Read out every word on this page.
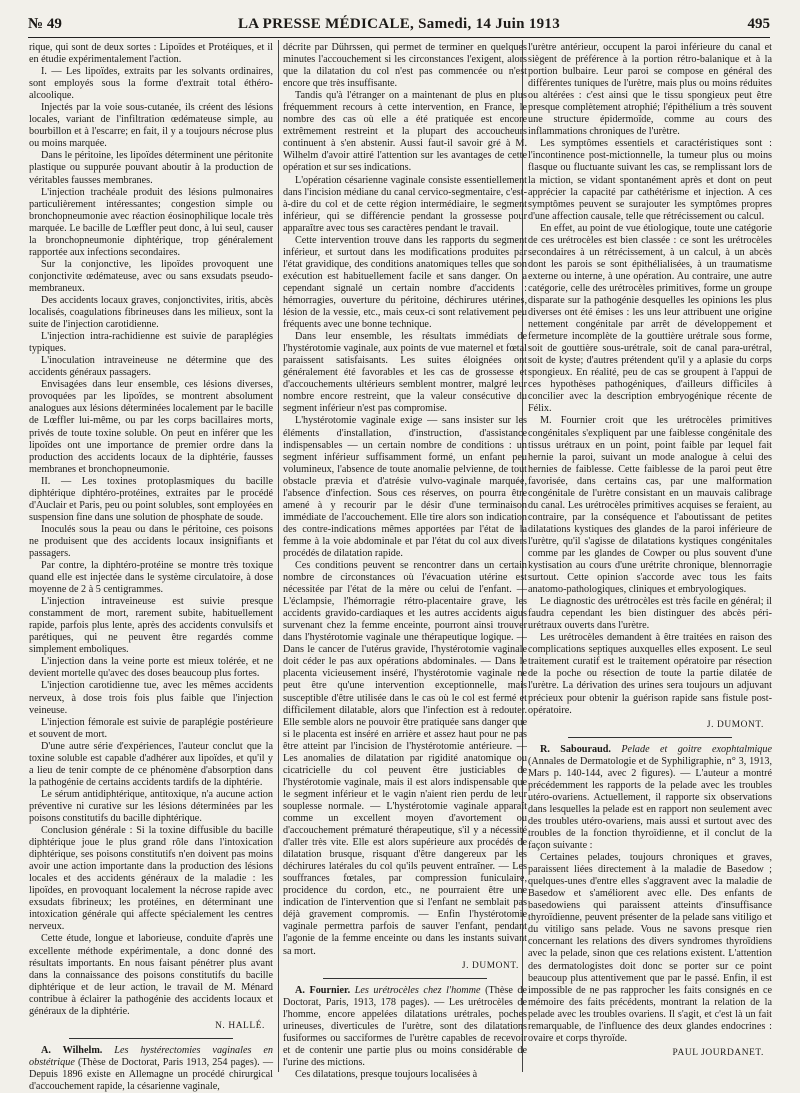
№ 49	LA PRESSE MÉDICALE, Samedi, 14 Juin 1913	495

rique, qui sont de deux sortes : Lipoïdes et Protéiques, et il en étudie expérimentalement l'action.

I. — Les lipoïdes, extraits par les solvants ordinaires, sont employés sous la forme d'extrait total éthéro-alcoolique.

Injectés par la voie sous-cutanée, ils créent des lésions locales, variant de l'infiltration œdémateuse simple, au bourbillon et à l'escarre; en fait, il y a toujours nécrose plus ou moins marquée.

Dans le péritoine, les lipoïdes déterminent une péritonite plastique ou suppurée pouvant aboutir à la production de véritables fausses membranes.

L'injection trachéale produit des lésions pulmonaires particulièrement intéressantes; congestion simple ou bronchopneumonie avec réaction éosinophilique locale très marquée. Le bacille de Lœffler peut donc, à lui seul, causer la bronchopneumonie diphtérique, trop généralement rapportée aux infections secondaires.

Sur la conjonctive, les lipoïdes provoquent une conjonctivite œdémateuse, avec ou sans exsudats pseudo-membraneux.

Des accidents locaux graves, conjonctivites, iritis, abcès localisés, coagulations fibrineuses dans les milieux, sont la suite de l'injection carotidienne.

L'injection intra-rachidienne est suivie de paraplégies typiques.

L'inoculation intraveineuse ne détermine que des accidents généraux passagers.

Envisagées dans leur ensemble, ces lésions diverses, provoquées par les lipoïdes, se montrent absolument analogues aux lésions déterminées localement par le bacille de Lœffler lui-même, ou par les corps bacillaires morts, privés de toute toxine soluble. On peut en inférer que les lipoïdes ont une importance de premier ordre dans la production des accidents locaux de la diphtérie, fausses membranes et bronchopneumonie.

II. — Les toxines protoplasmiques du bacille diphtérique diphtéro-protéines, extraites par le procédé d'Auclair et Paris, peu ou point solubles, sont employées en suspension fine dans une solution de phosphate de soude.

Inoculés sous la peau ou dans le péritoine, ces poisons ne produisent que des accidents locaux insignifiants et passagers.

Par contre, la diphtéro-protéine se montre très toxique quand elle est injectée dans le système circulatoire, à dose moyenne de 2 à 5 centigrammes.

L'injection intraveineuse est suivie presque constamment de mort, rarement subite, habituellement rapide, parfois plus lente, après des accidents convulsifs et parétiques, qui ne peuvent être regardés comme simplement emboliques.

L'injection dans la veine porte est mieux tolérée, et ne devient mortelle qu'avec des doses beaucoup plus fortes.

L'injection carotidienne tue, avec les mêmes accidents nerveux, à dose trois fois plus faible que l'injection veineuse.

L'injection fémorale est suivie de paraplégie postérieure et souvent de mort.

D'une autre série d'expériences, l'auteur conclut que la toxine soluble est capable d'adhérer aux lipoïdes, et qu'il y a lieu de tenir compte de ce phénomène d'absorption dans la pathogénie de certains accidents tardifs de la diphtérie.

Le sérum antidiphtérique, antitoxique, n'a aucune action préventive ni curative sur les lésions déterminées par les poisons constitutifs du bacille diphtérique.

Conclusion générale : Si la toxine diffusible du bacille diphtérique joue le plus grand rôle dans l'intoxication diphtérique, ses poisons constitutifs n'en doivent pas moins avoir une action importante dans la production des lésions locales et des accidents généraux de la maladie : les lipoïdes, en provoquant localement la nécrose rapide avec exsudats fibrineux; les protéines, en déterminant une intoxication générale qui affecte spécialement les centres nerveux.

Cette étude, longue et laborieuse, conduite d'après une excellente méthode expérimentale, a donc donné des résultats importants. En nous faisant pénétrer plus avant dans la connaissance des poisons constitutifs du bacille diphtérique et de leur action, le travail de M. Ménard contribue à éclairer la pathogénie des accidents locaux et généraux de la diphtérie.

N. HALLÉ.

A. Wilhelm. Les hystérectomies vaginales en obstétrique (Thèse de Doctorat, Paris 1913, 254 pages). — Depuis 1896 existe en Allemagne un procédé chirurgical d'accouchement rapide, la césarienne vaginale,

décrite par Dührssen, qui permet de terminer en quelques minutes l'accouchement si les circonstances l'exigent, alors que la dilatation du col n'est pas commencée ou n'est encore que très insuffisante.

Tandis qu'à l'étranger on a maintenant de plus en plus fréquemment recours à cette intervention, en France, le nombre des cas où elle a été pratiquée est encore extrêmement restreint et la plupart des accoucheurs continuent à s'en abstenir. Aussi faut-il savoir gré à M. Wilhelm d'avoir attiré l'attention sur les avantages de cette opération et sur ses indications.

L'opération césarienne vaginale consiste essentiellement dans l'incision médiane du canal cervico-segmentaire, c'est-à-dire du col et de cette région intermédiaire, le segment inférieur, qui se différencie pendant la grossesse pour apparaître avec tous ses caractères pendant le travail.

Cette intervention trouve dans les rapports du segment inférieur, et surtout dans les modifications produites par l'état gravidique, des conditions anatomiques telles que son exécution est habituellement facile et sans danger. On a cependant signalé un certain nombre d'accidents : hémorragies, ouverture du péritoine, déchirures utérines, lésion de la vessie, etc., mais ceux-ci sont relativement peu fréquents avec une bonne technique.

Dans leur ensemble, les résultats immédiats de l'hystérotomie vaginale, aux points de vue maternel et fœtal paraissent satisfaisants. Les suites éloignées ont généralement été favorables et les cas de grossesse et d'accouchements ultérieurs semblent montrer, malgré leur nombre encore restreint, que la valeur consécutive du segment inférieur n'est pas compromise.

L'hystérotomie vaginale exige — sans insister sur les éléments d'installation, d'instruction, d'assistance indispensables — un certain nombre de conditions : un segment inférieur suffisamment formé, un enfant peu volumineux, l'absence de toute anomalie pelvienne, de tout obstacle prævia et d'atrésie vulvo-vaginale marquée, l'absence d'infection. Sous ces réserves, on pourra être amené à y recourir par le désir d'une terminaison immédiate de l'accouchement. Elle tire alors son indication des contre-indications mêmes apportées par l'état de la femme à la voie abdominale et par l'état du col aux divers procédés de dilatation rapide.

Ces conditions peuvent se rencontrer dans un certain nombre de circonstances où l'évacuation utérine est nécessitée par l'état de la mère ou celui de l'enfant. — L'éclampsie, l'hémorragie rétro-placentaire grave, les accidents gravido-cardiaques et les autres accidents aigus survenant chez la femme enceinte, pourront ainsi trouver dans l'hystérotomie vaginale une thérapeutique logique. — Dans le cancer de l'utérus gravide, l'hystérotomie vaginale doit céder le pas aux opérations abdominales. — Dans le placenta vicieusement inséré, l'hystérotomie vaginale ne peut être qu'une intervention exceptionnelle, mais susceptible d'être utilisée dans le cas où le col est fermé et difficilement dilatable, alors que l'infection est à redouter. Elle semble alors ne pouvoir être pratiquée sans danger que si le placenta est inséré en arrière et assez haut pour ne pas être atteint par l'incision de l'hystérotomie antérieure. — Les anomalies de dilatation par rigidité anatomique ou cicatricielle du col peuvent être justiciables de l'hystérotomie vaginale, mais il est alors indispensable que le segment inférieur et le vagin n'aient rien perdu de leur souplesse normale. — L'hystérotomie vaginale apparaît comme un excellent moyen d'avortement ou d'accouchement prématuré thérapeutique, s'il y a nécessité d'aller très vite. Elle est alors supérieure aux procédés de dilatation brusque, risquant d'être dangereux par les déchirures latérales du col qu'ils peuvent entraîner. — Les souffrances fœtales, par compression funiculaire, procidence du cordon, etc., ne pourraient être une indication de l'intervention que si l'enfant ne semblait pas déjà gravement compromis. — Enfin l'hystérotomie vaginale permettra parfois de sauver l'enfant, pendant l'agonie de la femme enceinte ou dans les instants suivant sa mort.

J. DUMONT.

A. Fournier. Les urétrocèles chez l'homme (Thèse de Doctorat, Paris, 1913, 178 pages). — Les urétrocèles de l'homme, encore appelées dilatations urétrales, poches urineuses, diverticules de l'urètre, sont des dilatations fusiformes ou sacciformes de l'urètre capables de recevoir et de contenir une partie plus ou moins considérable de l'urine des mictions.

Ces dilatations, presque toujours localisées à

l'urètre antérieur, occupent la paroi inférieure du canal et siègent de préférence à la portion rétro-balanique et à la portion bulbaire. Leur paroi se compose en général des différentes tuniques de l'urètre, mais plus ou moins réduites ou altérées : c'est ainsi que le tissu spongieux peut être presque complètement atrophié; l'épithélium a très souvent une structure épidermoïde, comme au cours des inflammations chroniques de l'urètre.

Les symptômes essentiels et caractéristiques sont : l'incontinence post-mictionnelle, la tumeur plus ou moins flasque ou fluctuante suivant les cas, se remplissant lors de la miction, se vidant spontanément après et dont on peut apprécier la capacité par cathétérisme et injection. A ces symptômes peuvent se surajouter les symptômes propres d'une affection causale, telle que rétrécissement ou calcul.

En effet, au point de vue étiologique, toute une catégorie de ces urétrocèles est bien classée : ce sont les urétrocèles secondaires à un rétrécissement, à un calcul, à un abcès dont les parois se sont épithélialisées, à un traumatisme externe ou interne, à une opération. Au contraire, une autre catégorie, celle des urétrocèles primitives, forme un groupe disparate sur la pathogénie desquelles les opinions les plus diverses ont été émises : les uns leur attribuent une origine nettement congénitale par arrêt de développement et fermeture incomplète de la gouttière urétrale sous forme, soit de gouttière sous-urétrale, soit de canal para-urétral, soit de kyste; d'autres prétendent qu'il y a aplasie du corps spongieux. En réalité, peu de cas se groupent à l'appui de ces hypothèses pathogéniques, d'ailleurs difficiles à concilier avec la description embryogénique récente de Félix.

M. Fournier croit que les urétrocèles primitives congénitales s'expliquent par une faiblesse congénitale des tissus urétraux en un point, point faible par lequel fait hernie la paroi, suivant un mode analogue à celui des hernies de faiblesse. Cette faiblesse de la paroi peut être favorisée, dans certains cas, par une malformation congénitale de l'urètre consistant en un mauvais calibrage du canal. Les urétrocèles primitives acquises se feraient, au contraire, par la conséquence et l'aboutissant de petites dilatations kystiques des glandes de la paroi inférieure de l'urètre, qu'il s'agisse de dilatations kystiques congénitales comme par les glandes de Cowper ou plus souvent d'une kystisation au cours d'une urétrite chronique, blennorragie surtout. Cette opinion s'accorde avec tous les faits anatomo-pathologiques, cliniques et embryologiques.

Le diagnostic des urétrocèles est très facile en général; il faudra cependant les bien distinguer des abcès péri-urétraux ouverts dans l'urètre.

Les urétrocèles demandent à être traitées en raison des complications septiques auxquelles elles exposent. Le seul traitement curatif est le traitement opératoire par résection de la poche ou résection de toute la partie dilatée de l'urètre. La dérivation des urines sera toujours un adjuvant précieux pour obtenir la guérison rapide sans fistule post-opératoire.

J. DUMONT.

R. Sabouraud. Pelade et goitre exophtalmique (Annales de Dermatologie et de Syphiligraphie, n° 3, 1913, Mars p. 140-144, avec 2 figures). — L'auteur a montré précédemment les rapports de la pelade avec les troubles utéro-ovariens. Actuellement, il rapporte six observations dans lesquelles la pelade est en rapport non seulement avec des troubles utéro-ovariens, mais aussi et surtout avec des troubles de la fonction thyroïdienne, et il conclut de la façon suivante :

Certaines pelades, toujours chroniques et graves, paraissent liées directement à la maladie de Basedow ; quelques-unes d'entre elles s'aggravent avec la maladie de Basedow et s'améliorent avec elle. Des enfants de basedowiens qui paraissent atteints d'insuffisance thyroïdienne, peuvent présenter de la pelade sans vitiligo et du vitiligo sans pelade. Vous ne savons presque rien concernant les relations des divers syndromes thyroïdiens avec la pelade, sinon que ces relations existent. L'attention des dermatologistes doit donc se porter sur ce point beaucoup plus attentivement que par le passé. Enfin, il est impossible de ne pas rapprocher les faits consignés en ce mémoire des faits précédents, montrant la relation de la pelade avec les troubles ovariens. Il s'agit, et c'est là un fait remarquable, de l'influence des deux glandes endocrines : ovaire et corps thyroïde.

PAUL JOURDANET.
